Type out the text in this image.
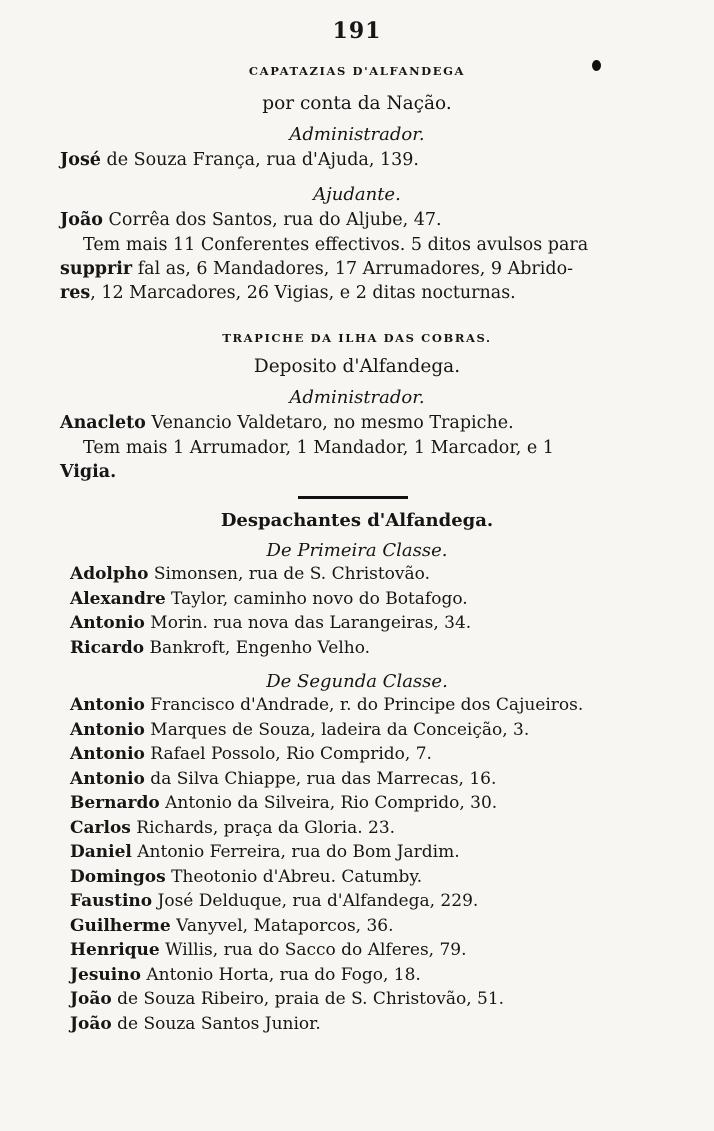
191
CAPATAZIAS D'ALFANDEGA
por conta da Nação.
Administrador.
José de Souza França, rua d'Ajuda, 139.
Ajudante.
João Corrêa dos Santos, rua do Aljube, 47.
Tem mais 11 Conferentes effectivos. 5 ditos avulsos para
supprir fal as, 6 Mandadores, 17 Arrumadores, 9 Abrido-
res, 12 Marcadores, 26 Vigias, e 2 ditas nocturnas.
TRAPICHE DA ILHA DAS COBRAS.
Deposito d'Alfandega.
Administrador.
Anacleto Venancio Valdetaro, no mesmo Trapiche.
Tem mais 1 Arrumador, 1 Mandador, 1 Marcador, e 1
Vigia.
Despachantes d'Alfandega.
De Primeira Classe.
Adolpho Simonsen, rua de S. Christovão.
Alexandre Taylor, caminho novo do Botafogo.
Antonio Morin. rua nova das Larangeiras, 34.
Ricardo Bankroft, Engenho Velho.
De Segunda Classe.
Antonio Francisco d'Andrade, r. do Principe dos Cajueiros.
Antonio Marques de Souza, ladeira da Conceição, 3.
Antonio Rafael Possolo, Rio Comprido, 7.
Antonio da Silva Chiappe, rua das Marrecas, 16.
Bernardo Antonio da Silveira, Rio Comprido, 30.
Carlos Richards, praça da Gloria. 23.
Daniel Antonio Ferreira, rua do Bom Jardim.
Domingos Theotonio d'Abreu. Catumby.
Faustino José Delduque, rua d'Alfandega, 229.
Guilherme Vanyvel, Mataporcos, 36.
Henrique Willis, rua do Sacco do Alferes, 79.
Jesuino Antonio Horta, rua do Fogo, 18.
João de Souza Ribeiro, praia de S. Christovão, 51.
João de Souza Santos Junior.
